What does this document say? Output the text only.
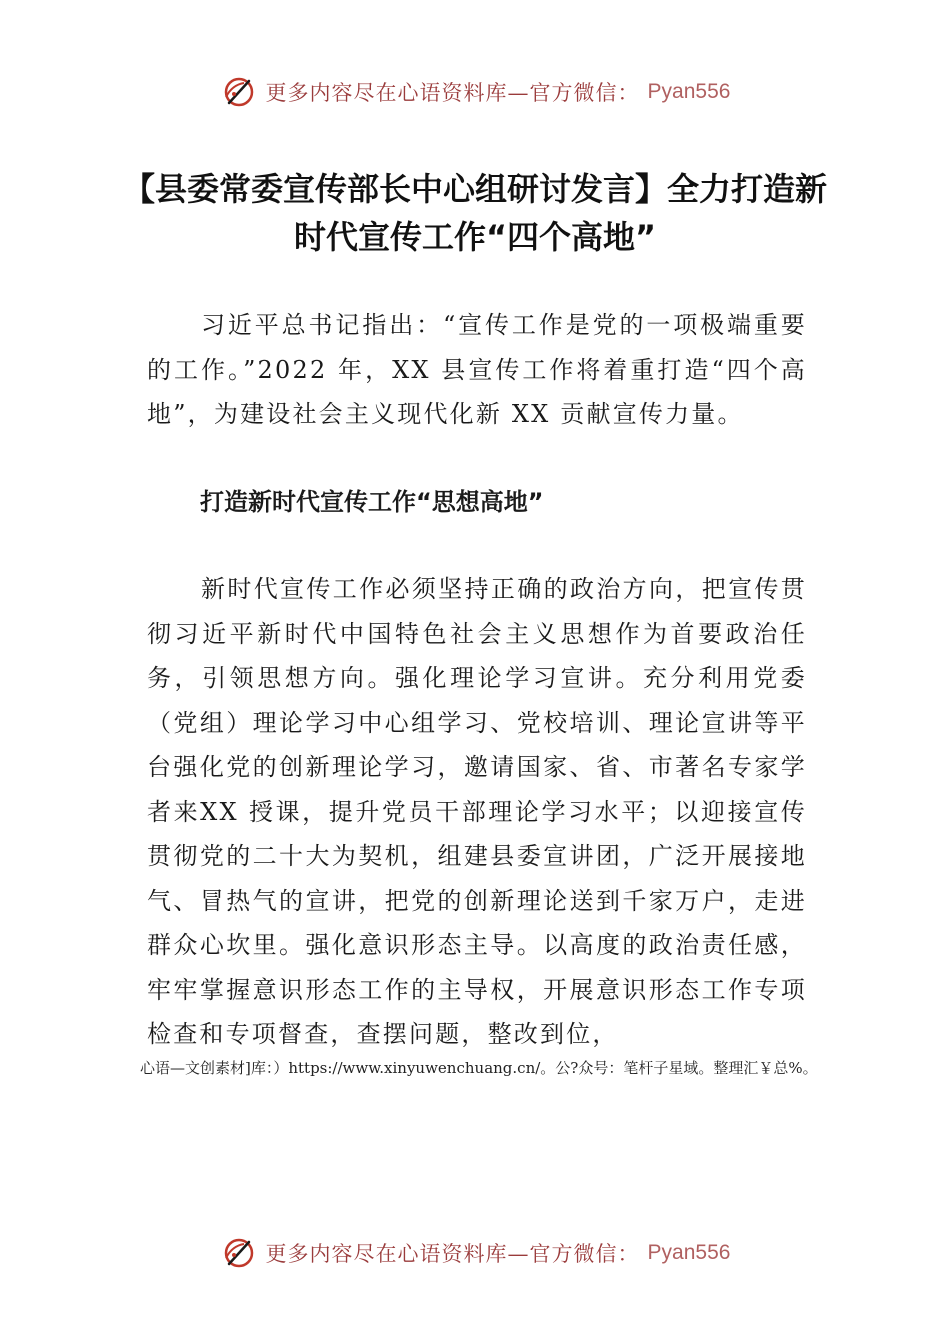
更多内容尽在心语资料库—官方微信： Pyan556
【县委常委宣传部长中心组研讨发言】全力打造新时代宣传工作“四个高地”

习近平总书记指出：“宣传工作是党的一项极端重要的工作。”2022 年，XX 县宣传工作将着重打造“四个高地”，为建设社会主义现代化新 XX 贡献宣传力量。

打造新时代宣传工作“思想高地”

新时代宣传工作必须坚持正确的政治方向，把宣传贯彻习近平新时代中国特色社会主义思想作为首要政治任务，引领思想方向。强化理论学习宣讲。充分利用党委（党组）理论学习中心组学习、党校培训、理论宣讲等平台强化党的创新理论学习，邀请国家、省、市著名专家学者来XX 授课，提升党员干部理论学习水平；以迎接宣传贯彻党的二十大为契机，组建县委宣讲团，广泛开展接地气、冒热气的宣讲，把党的创新理论送到千家万户，走进群众心坎里。强化意识形态主导。以高度的政治责任感，牢牢掌握意识形态工作的主导权，开展意识形态工作专项检查和专项督查，查摆问题，整改到位，

心语—文创素材]库：）https://www.xinyuwenchuang.cn/。公?众号：笔杆子星域。整理汇￥总%。

更多内容尽在心语资料库—官方微信： Pyan556
